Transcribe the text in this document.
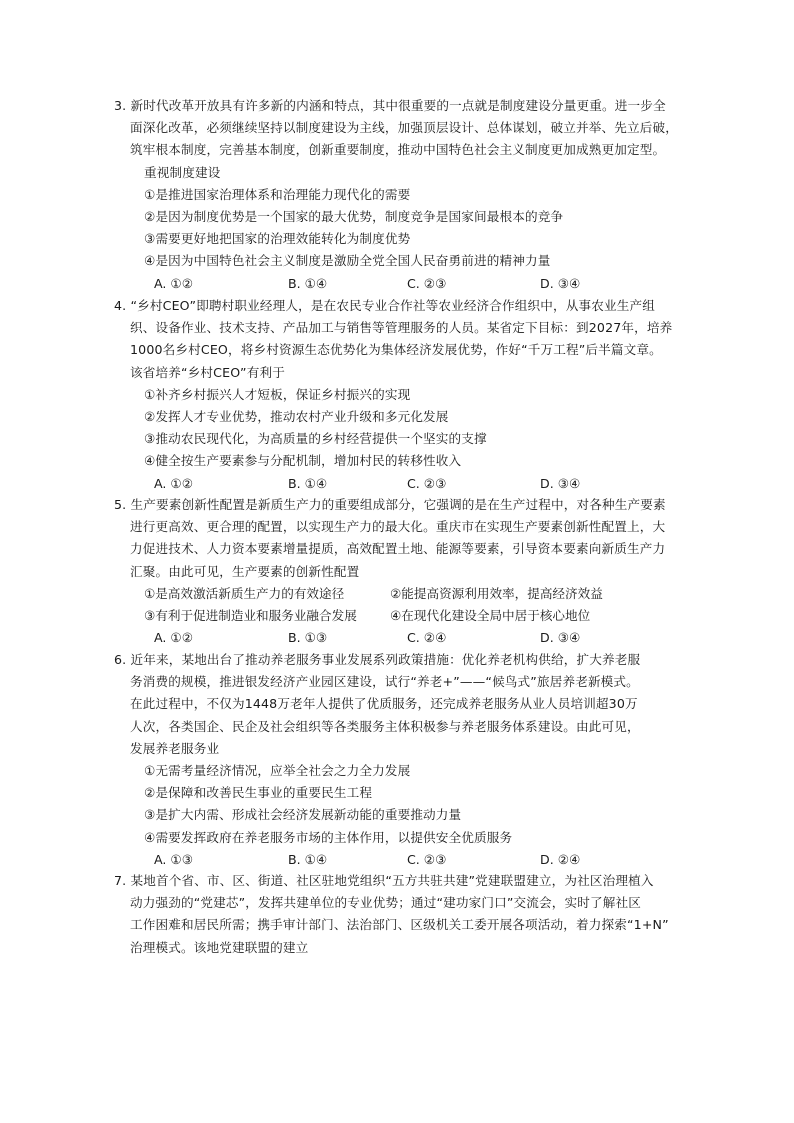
3. 新时代改革开放具有许多新的内涵和特点，其中很重要的一点就是制度建设分量更重。进一步全
面深化改革，必须继续坚持以制度建设为主线，加强顶层设计、总体谋划，破立并举、先立后破，
筑牢根本制度，完善基本制度，创新重要制度，推动中国特色社会主义制度更加成熟更加定型。
重视制度建设
①是推进国家治理体系和治理能力现代化的需要
②是因为制度优势是一个国家的最大优势，制度竞争是国家间最根本的竞争
③需要更好地把国家的治理效能转化为制度优势
④是因为中国特色社会主义制度是激励全党全国人民奋勇前进的精神力量
A. ①②	B. ①④	C. ②③	D. ③④
4. “乡村CEO”即聘村职业经理人，是在农民专业合作社等农业经济合作组织中，从事农业生产组
织、设备作业、技术支持、产品加工与销售等管理服务的人员。某省定下目标：到2027年，培养
1000名乡村CEO，将乡村资源生态优势化为集体经济发展优势，作好“千万工程”后半篇文章。
该省培养“乡村CEO”有利于
①补齐乡村振兴人才短板，保证乡村振兴的实现
②发挥人才专业优势，推动农村产业升级和多元化发展
③推动农民现代化，为高质量的乡村经营提供一个坚实的支撑
④健全按生产要素参与分配机制，增加村民的转移性收入
A. ①②	B. ①④	C. ②③	D. ③④
5. 生产要素创新性配置是新质生产力的重要组成部分，它强调的是在生产过程中，对各种生产要素
进行更高效、更合理的配置，以实现生产力的最大化。重庆市在实现生产要素创新性配置上，大
力促进技术、人力资本要素增量提质，高效配置土地、能源等要素，引导资本要素向新质生产力
汇聚。由此可见，生产要素的创新性配置
①是高效激活新质生产力的有效途径	②能提高资源利用效率，提高经济效益
③有利于促进制造业和服务业融合发展	④在现代化建设全局中居于核心地位
A. ①②	B. ①③	C. ②④	D. ③④
6. 近年来，某地出台了推动养老服务事业发展系列政策措施：优化养老机构供给，扩大养老服
务消费的规模，推进银发经济产业园区建设，试行“养老+”——“候鸟式”旅居养老新模式。
在此过程中，不仅为1448万老年人提供了优质服务，还完成养老服务从业人员培训超30万
人次，各类国企、民企及社会组织等各类服务主体积极参与养老服务体系建设。由此可见，
发展养老服务业
①无需考量经济情况，应举全社会之力全力发展
②是保障和改善民生事业的重要民生工程
③是扩大内需、形成社会经济发展新动能的重要推动力量
④需要发挥政府在养老服务市场的主体作用，以提供安全优质服务
A. ①③	B. ①④	C. ②③	D. ②④
7. 某地首个省、市、区、街道、社区驻地党组织“五方共驻共建”党建联盟建立，为社区治理植入
动力强劲的“党建芯”，发挥共建单位的专业优势；通过“建功家门口”交流会，实时了解社区
工作困难和居民所需；携手审计部门、法治部门、区级机关工委开展各项活动，着力探索“1+N”
治理模式。该地党建联盟的建立
